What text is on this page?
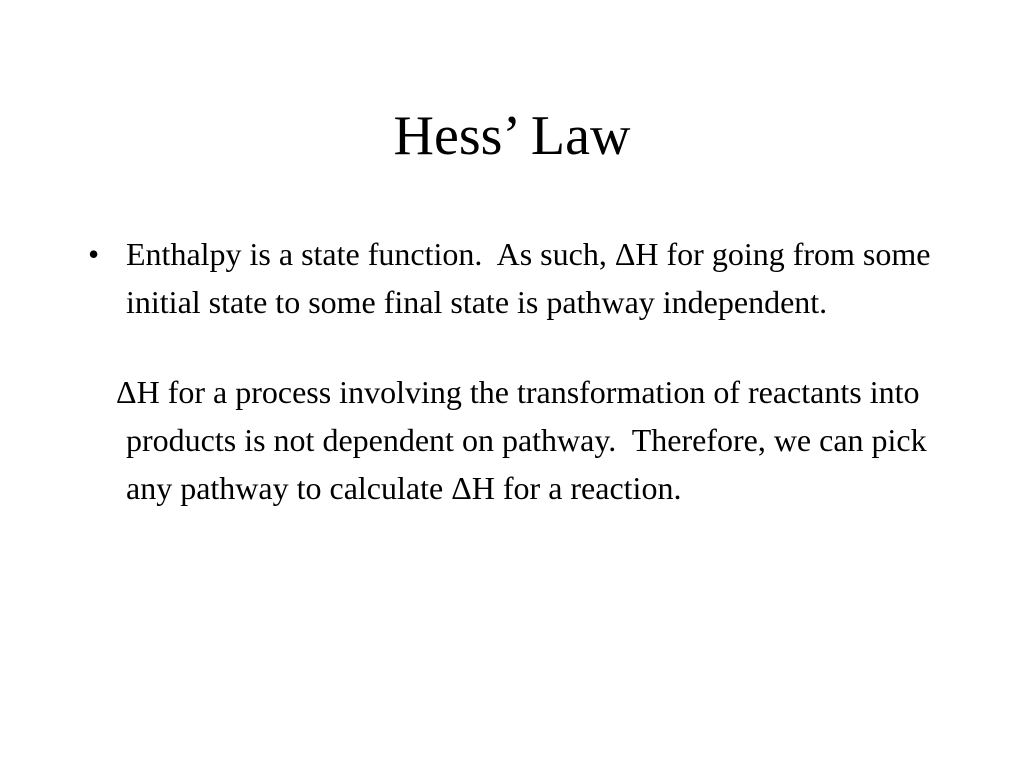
Hess’ Law

• Enthalpy is a state function.  As such, ΔH for going from some initial state to some final state is pathway independent.

ΔH for a process involving the transformation of reactants into products is not dependent on pathway.  Therefore, we can pick any pathway to calculate ΔH for a reaction.
